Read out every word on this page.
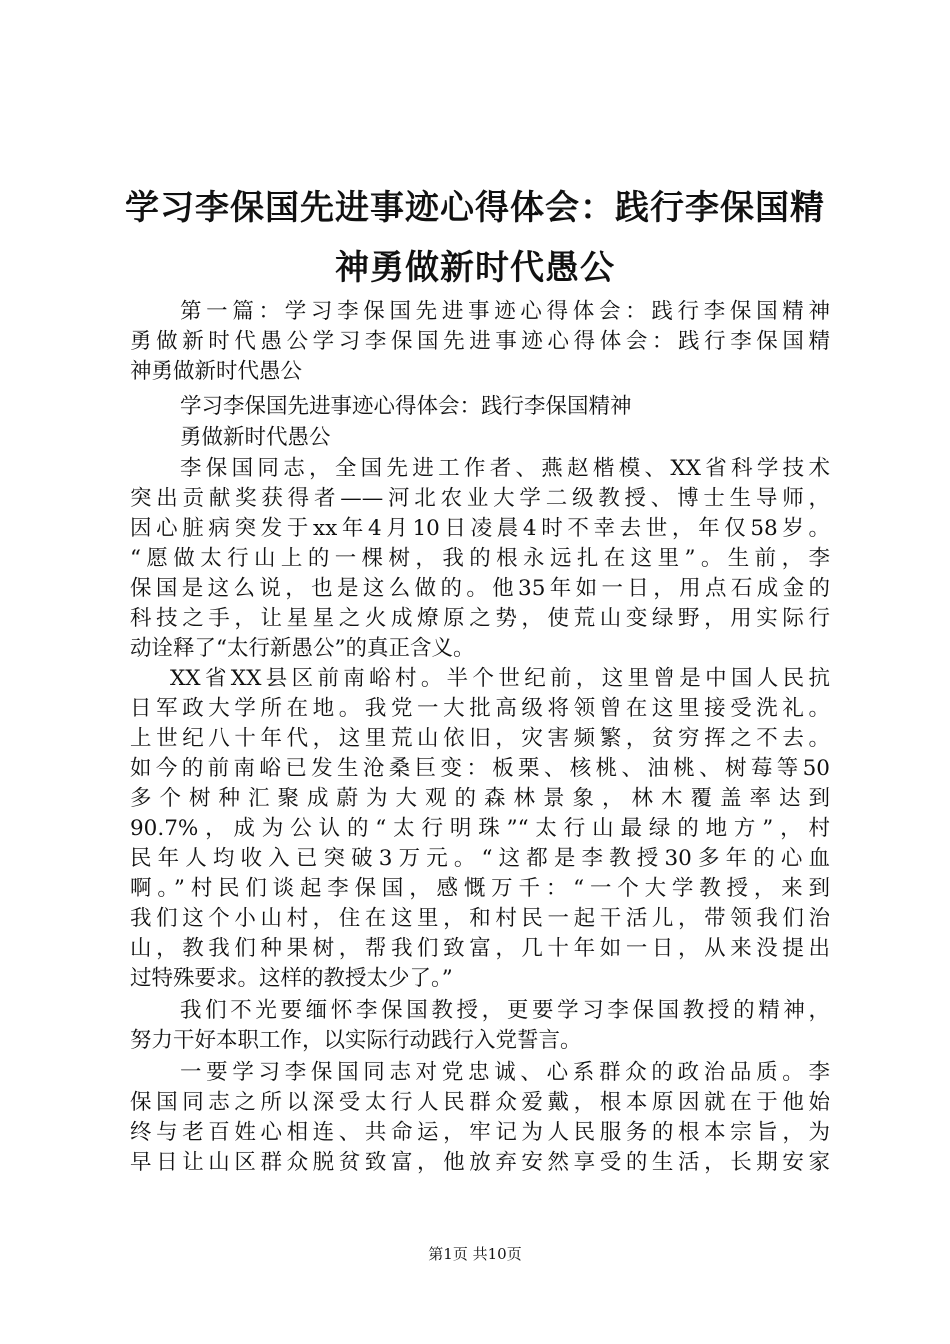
学习李保国先进事迹心得体会：践行李保国精
神勇做新时代愚公
第一篇：学习李保国先进事迹心得体会：践行李保国精神
勇做新时代愚公学习李保国先进事迹心得体会：践行李保国精
神勇做新时代愚公
学习李保国先进事迹心得体会：践行李保国精神
勇做新时代愚公
李保国同志，全国先进工作者、燕赵楷模、XX省科学技术
突出贡献奖获得者——河北农业大学二级教授、博士生导师，
因心脏病突发于xx年4月10日凌晨4时不幸去世，年仅58岁。
“愿做太行山上的一棵树，我的根永远扎在这里”。生前，李
保国是这么说，也是这么做的。他35年如一日，用点石成金的
科技之手，让星星之火成燎原之势，使荒山变绿野，用实际行
动诠释了“太行新愚公”的真正含义。
XX省XX县区前南峪村。半个世纪前，这里曾是中国人民抗
日军政大学所在地。我党一大批高级将领曾在这里接受洗礼。
上世纪八十年代，这里荒山依旧，灾害频繁，贫穷挥之不去。
如今的前南峪已发生沧桑巨变：板栗、核桃、油桃、树莓等50
多个树种汇聚成蔚为大观的森林景象，林木覆盖率达到
90.7%，成为公认的“太行明珠”“太行山最绿的地方”，村
民年人均收入已突破3万元。“这都是李教授30多年的心血
啊。”村民们谈起李保国，感慨万千：“一个大学教授，来到
我们这个小山村，住在这里，和村民一起干活儿，带领我们治
山，教我们种果树，帮我们致富，几十年如一日，从来没提出
过特殊要求。这样的教授太少了。”
我们不光要缅怀李保国教授，更要学习李保国教授的精神，
努力干好本职工作，以实际行动践行入党誓言。
一要学习李保国同志对党忠诚、心系群众的政治品质。李
保国同志之所以深受太行人民群众爱戴，根本原因就在于他始
终与老百姓心相连、共命运，牢记为人民服务的根本宗旨，为
早日让山区群众脱贫致富，他放弃安然享受的生活，长期安家
第1页 共10页
